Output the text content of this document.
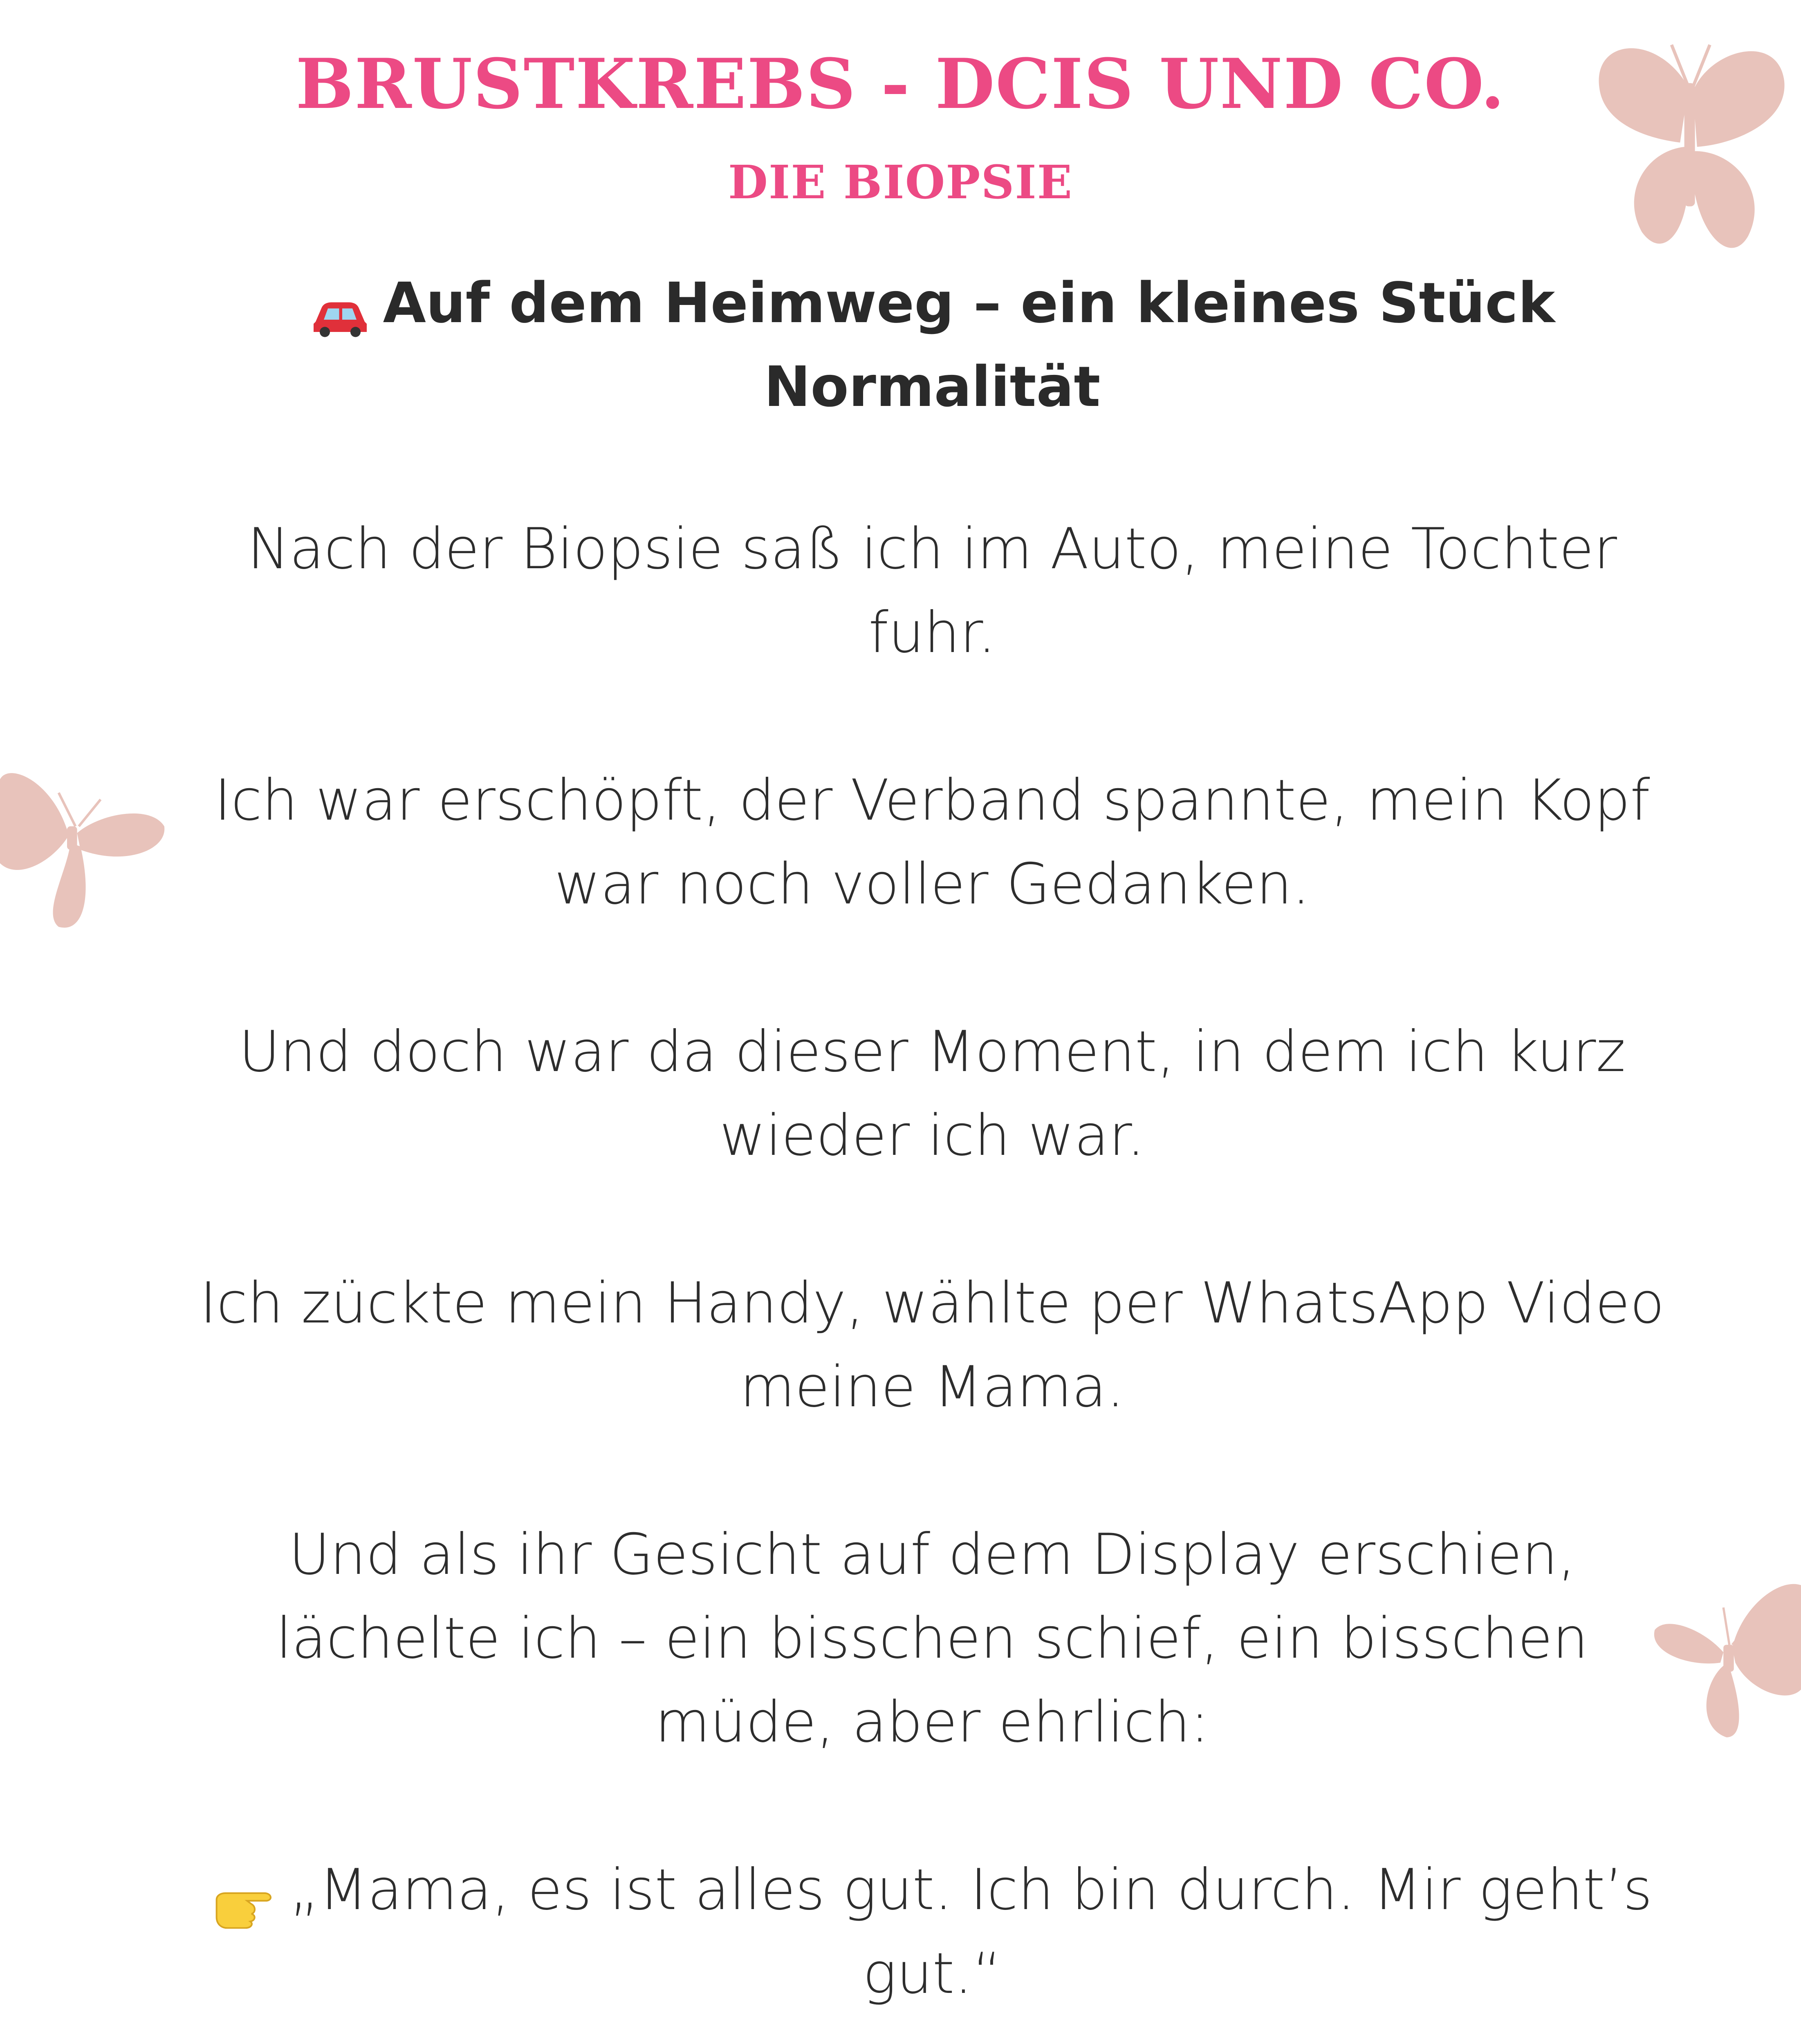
BRUSTKREBS - DCIS UND CO.
DIE BIOPSIE
Auf dem Heimweg – ein kleines Stück Normalität

Nach der Biopsie saß ich im Auto, meine Tochter fuhr.

Ich war erschöpft, der Verband spannte, mein Kopf war noch voller Gedanken.

Und doch war da dieser Moment, in dem ich kurz wieder ich war.

Ich zückte mein Handy, wählte per WhatsApp Video meine Mama.

Und als ihr Gesicht auf dem Display erschien, lächelte ich – ein bisschen schief, ein bisschen müde, aber ehrlich:

„Mama, es ist alles gut. Ich bin durch. Mir geht’s gut.“
